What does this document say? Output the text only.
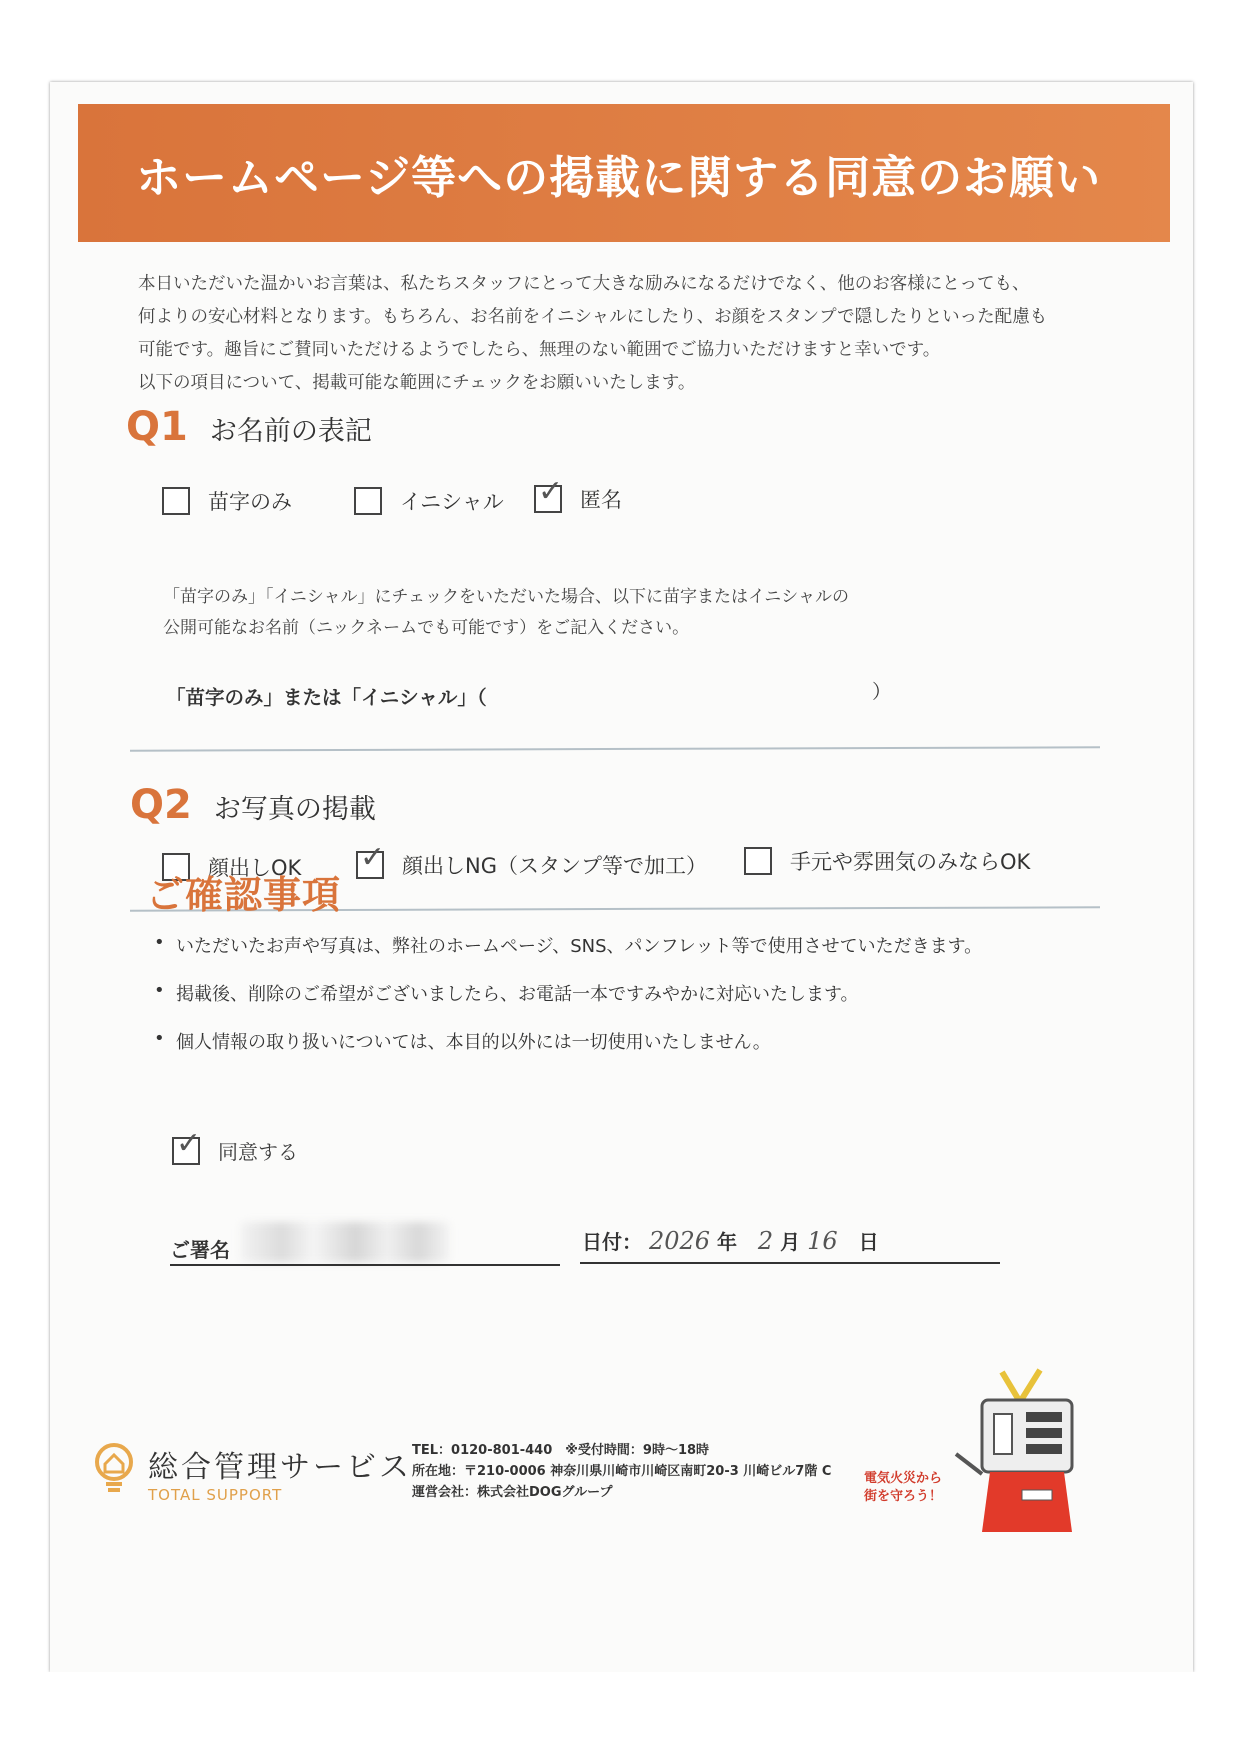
ホームページ等への掲載に関する同意のお願い

本日いただいた温かいお言葉は、私たちスタッフにとって大きな励みになるだけでなく、他のお客様にとっても、

何よりの安心材料となります。もちろん、お名前をイニシャルにしたり、お顔をスタンプで隠したりといった配慮も

可能です。趣旨にご賛同いただけるようでしたら、無理のない範囲でご協力いただけますと幸いです。

以下の項目について、掲載可能な範囲にチェックをお願いいたします。

Q1 お名前の表記
苗字のみ	イニシャル ✓ 匿名

「苗字のみ」「イニシャル」にチェックをいただいた場合、以下に苗字またはイニシャルの

公開可能なお名前（ニックネームでも可能です）をご記入ください。

「苗字のみ」または「イニシャル」（	）
Q2 お写真の掲載
顔出しOK ✓ 顔出しNG（スタンプ等で加工）	手元や雰囲気のみならOK
ご確認事項
• いただいたお声や写真は、弊社のホームページ、SNS、パンフレット等で使用させていただきます。
• 掲載後、削除のご希望がございましたら、お電話一本ですみやかに対応いたします。
• 個人情報の取り扱いについては、本目的以外には一切使用いたしません。
✓ 同意する
ご署名	日付： 2026 年 2 月 16 日
総合管理サービス
TOTAL SUPPORT

TEL：0120-801-440　※受付時間：9時〜18時

所在地：〒210-0006 神奈川県川崎市川崎区南町20-3 川崎ビル7階 C

運営会社：株式会社DOGグループ

電気火災から
街を守ろう！
